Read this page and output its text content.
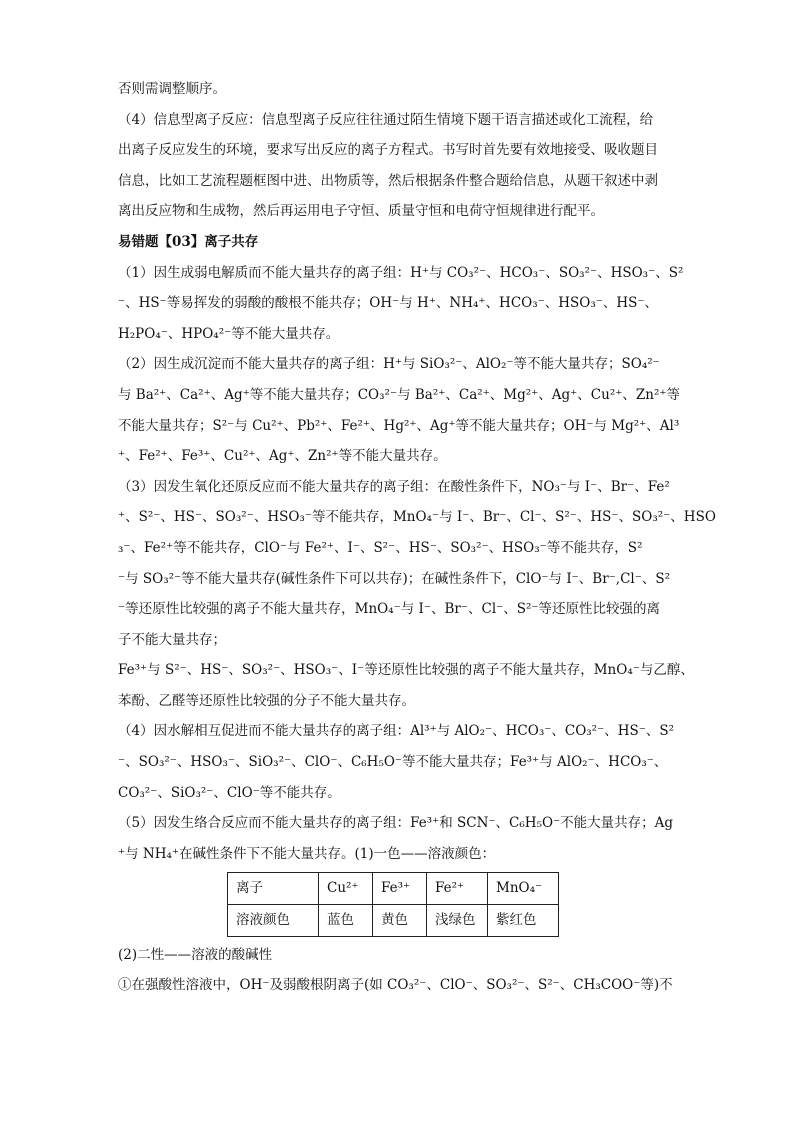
否则需调整顺序。
（4）信息型离子反应：信息型离子反应往往通过陌生情境下题干语言描述或化工流程，给
出离子反应发生的环境，要求写出反应的离子方程式。书写时首先要有效地接受、吸收题目
信息，比如工艺流程题框图中进、出物质等，然后根据条件整合题给信息，从题干叙述中剥
离出反应物和生成物，然后再运用电子守恒、质量守恒和电荷守恒规律进行配平。
易错题【03】离子共存
（1）因生成弱电解质而不能大量共存的离子组：H⁺与 CO₃²⁻、HCO₃⁻、SO₃²⁻、HSO₃⁻、S²
⁻、HS⁻等易挥发的弱酸的酸根不能共存；OH⁻与 H⁺、NH₄⁺、HCO₃⁻、HSO₃⁻、HS⁻、
H₂PO₄⁻、HPO₄²⁻等不能大量共存。
（2）因生成沉淀而不能大量共存的离子组：H⁺与 SiO₃²⁻、AlO₂⁻等不能大量共存；SO₄²⁻
与 Ba²⁺、Ca²⁺、Ag⁺等不能大量共存；CO₃²⁻与 Ba²⁺、Ca²⁺、Mg²⁺、Ag⁺、Cu²⁺、Zn²⁺等
不能大量共存；S²⁻与 Cu²⁺、Pb²⁺、Fe²⁺、Hg²⁺、Ag⁺等不能大量共存；OH⁻与 Mg²⁺、Al³
⁺、Fe²⁺、Fe³⁺、Cu²⁺、Ag⁺、Zn²⁺等不能大量共存。
（3）因发生氧化还原反应而不能大量共存的离子组：在酸性条件下，NO₃⁻与 I⁻、Br⁻、Fe²
⁺、S²⁻、HS⁻、SO₃²⁻、HSO₃⁻等不能共存，MnO₄⁻与 I⁻、Br⁻、Cl⁻、S²⁻、HS⁻、SO₃²⁻、HSO
₃⁻、Fe²⁺等不能共存，ClO⁻与 Fe²⁺、I⁻、S²⁻、HS⁻、SO₃²⁻、HSO₃⁻等不能共存，S²
⁻与 SO₃²⁻等不能大量共存(碱性条件下可以共存)；在碱性条件下，ClO⁻与 I⁻、Br⁻,Cl⁻、S²
⁻等还原性比较强的离子不能大量共存，MnO₄⁻与 I⁻、Br⁻、Cl⁻、S²⁻等还原性比较强的离
子不能大量共存；
Fe³⁺与 S²⁻、HS⁻、SO₃²⁻、HSO₃⁻、I⁻等还原性比较强的离子不能大量共存，MnO₄⁻与乙醇、
苯酚、乙醛等还原性比较强的分子不能大量共存。
（4）因水解相互促进而不能大量共存的离子组：Al³⁺与 AlO₂⁻、HCO₃⁻、CO₃²⁻、HS⁻、S²
⁻、SO₃²⁻、HSO₃⁻、SiO₃²⁻、ClO⁻、C₆H₅O⁻等不能大量共存；Fe³⁺与 AlO₂⁻、HCO₃⁻、
CO₃²⁻、SiO₃²⁻、ClO⁻等不能共存。
（5）因发生络合反应而不能大量共存的离子组：Fe³⁺和 SCN⁻、C₆H₅O⁻不能大量共存；Ag
⁺与 NH₄⁺在碱性条件下不能大量共存。(1)一色——溶液颜色：
离子	Cu²⁺	Fe³⁺	Fe²⁺	MnO₄⁻
溶液颜色	蓝色	黄色	浅绿色	紫红色
(2)二性——溶液的酸碱性
①在强酸性溶液中，OH⁻及弱酸根阴离子(如 CO₃²⁻、ClO⁻、SO₃²⁻、S²⁻、CH₃COO⁻等)不
